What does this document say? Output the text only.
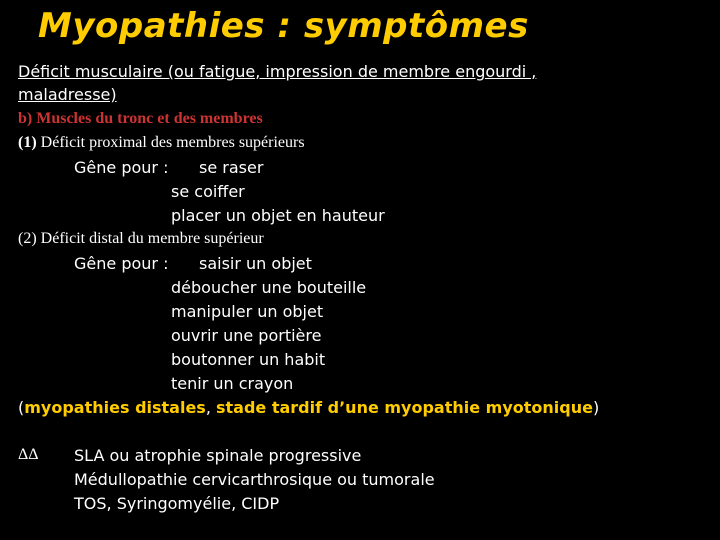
Myopathies : symptômes
Déficit musculaire (ou fatigue, impression de membre engourdi ,
maladresse)
b) Muscles du tronc et des membres
(1) Déficit proximal des membres supérieurs
Gêne pour : se raser
se coiffer
placer un objet en hauteur
(2) Déficit distal du membre supérieur
Gêne pour : saisir un objet
déboucher une bouteille
manipuler un objet
ouvrir une portière
boutonner un habit
tenir un crayon
(myopathies distales, stade tardif d’une myopathie myotonique)
ΔΔ SLA ou atrophie spinale progressive
Médullopathie cervicarthrosique ou tumorale
TOS, Syringomyélie, CIDP
